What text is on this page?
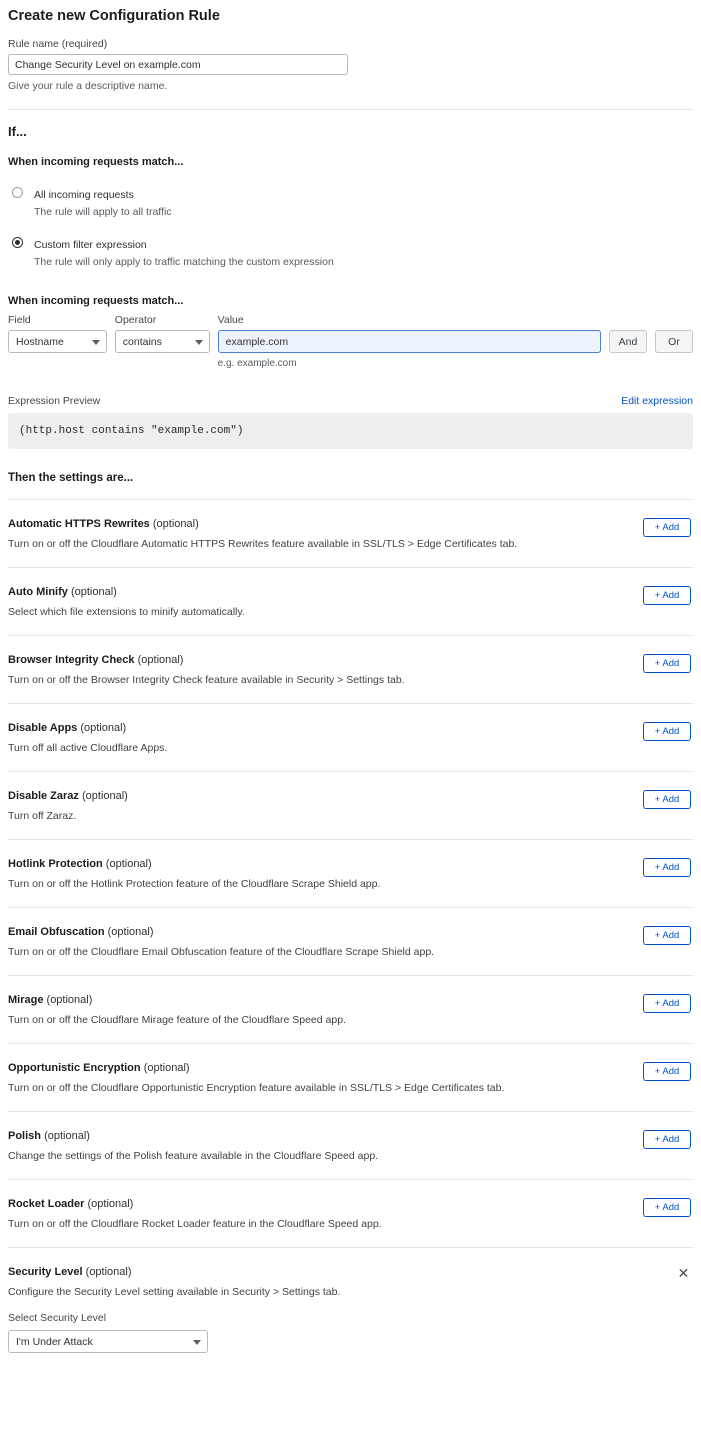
Create new Configuration Rule
Rule name (required)
Change Security Level on example.com
Give your rule a descriptive name.
If...
When incoming requests match...
All incoming requests
The rule will apply to all traffic
Custom filter expression
The rule will only apply to traffic matching the custom expression
When incoming requests match...
Field
Hostname
Operator
contains
Value
example.com
e.g. example.com
And	Or
Expression Preview	Edit expression
(http.host contains "example.com")
Then the settings are...
Automatic HTTPS Rewrites (optional)
Turn on or off the Cloudflare Automatic HTTPS Rewrites feature available in SSL/TLS > Edge Certificates tab.
+ Add
Auto Minify (optional)
Select which file extensions to minify automatically.
+ Add
Browser Integrity Check (optional)
Turn on or off the Browser Integrity Check feature available in Security > Settings tab.
+ Add
Disable Apps (optional)
Turn off all active Cloudflare Apps.
+ Add
Disable Zaraz (optional)
Turn off Zaraz.
+ Add
Hotlink Protection (optional)
Turn on or off the Hotlink Protection feature of the Cloudflare Scrape Shield app.
+ Add
Email Obfuscation (optional)
Turn on or off the Cloudflare Email Obfuscation feature of the Cloudflare Scrape Shield app.
+ Add
Mirage (optional)
Turn on or off the Cloudflare Mirage feature of the Cloudflare Speed app.
+ Add
Opportunistic Encryption (optional)
Turn on or off the Cloudflare Opportunistic Encryption feature available in SSL/TLS > Edge Certificates tab.
+ Add
Polish (optional)
Change the settings of the Polish feature available in the Cloudflare Speed app.
+ Add
Rocket Loader (optional)
Turn on or off the Cloudflare Rocket Loader feature in the Cloudflare Speed app.
+ Add
Security Level (optional)
Configure the Security Level setting available in Security > Settings tab.
✕
Select Security Level
I'm Under Attack
